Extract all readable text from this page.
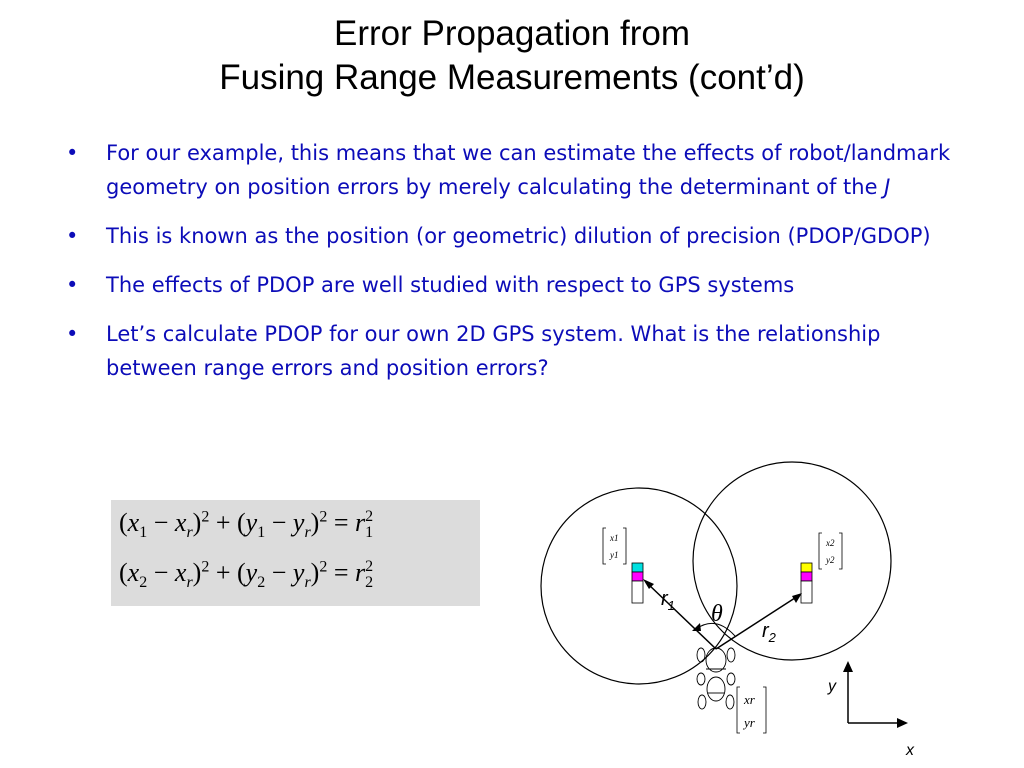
Error Propagation from
Fusing Range Measurements (cont’d)
• For our example, this means that we can estimate the effects of robot/landmark geometry on position errors by merely calculating the determinant of the J
• This is known as the position (or geometric) dilution of precision (PDOP/GDOP)
• The effects of PDOP are well studied with respect to GPS systems
• Let’s calculate PDOP for our own 2D GPS system. What is the relationship between range errors and position errors?
$(x_1 - x_r)^2 + (y_1 - y_r)^2 = r_1^2$
$(x_2 - x_r)^2 + (y_2 - y_r)^2 = r_2^2$
x1
y1
x2
y2
θ
$r_1$
$r_2$
xr
yr
y
x
